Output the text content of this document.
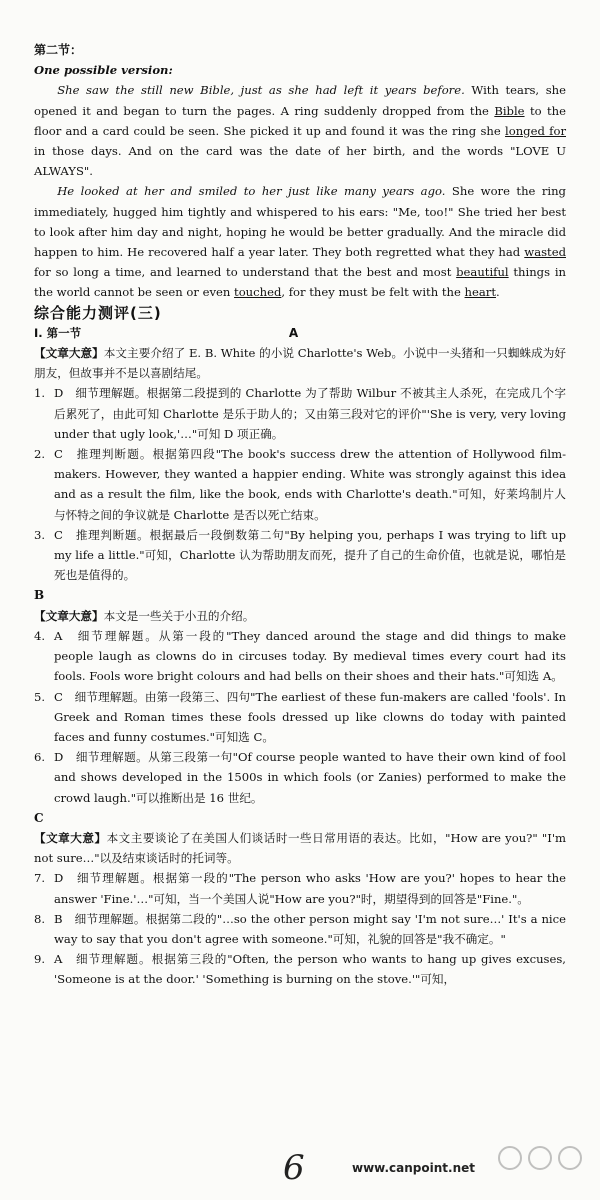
第二节：

One possible version:

She saw the still new Bible, just as she had left it years before. With tears, she opened it and began to turn the pages. A ring suddenly dropped from the Bible to the floor and a card could be seen. She picked it up and found it was the ring she longed for in those days. And on the card was the date of her birth, and the words "LOVE U ALWAYS".

He looked at her and smiled to her just like many years ago. She wore the ring immediately, hugged him tightly and whispered to his ears: "Me, too!" She tried her best to look after him day and night, hoping he would be better gradually. And the miracle did happen to him. He recovered half a year later. They both regretted what they had wasted for so long a time, and learned to understand that the best and most beautiful things in the world cannot be seen or even touched, for they must be felt with the heart.

综合能力测评(三)

Ⅰ. 第一节	A

【文章大意】本文主要介绍了 E. B. White 的小说 Charlotte's Web。小说中一头猪和一只蜘蛛成为好朋友，但故事并不是以喜剧结尾。

1. D　细节理解题。根据第二段提到的 Charlotte 为了帮助 Wilbur 不被其主人杀死，在完成几个字后累死了，由此可知 Charlotte 是乐于助人的；又由第三段对它的评价"'She is very, very loving under that ugly look,'…"可知 D 项正确。

2. C　推理判断题。根据第四段"The book's success drew the attention of Hollywood film-makers. However, they wanted a happier ending. White was strongly against this idea and as a result the film, like the book, ends with Charlotte's death."可知，好莱坞制片人与怀特之间的争议就是 Charlotte 是否以死亡结束。

3. C　推理判断题。根据最后一段倒数第二句"By helping you, perhaps I was trying to lift up my life a little."可知，Charlotte 认为帮助朋友而死，提升了自己的生命价值，也就是说，哪怕是死也是值得的。

B

【文章大意】本文是一些关于小丑的介绍。

4. A　细节理解题。从第一段的"They danced around the stage and did things to make people laugh as clowns do in circuses today. By medieval times every court had its fools. Fools wore bright colours and had bells on their shoes and their hats."可知选 A。

5. C　细节理解题。由第一段第三、四句"The earliest of these fun-makers are called 'fools'. In Greek and Roman times these fools dressed up like clowns do today with painted faces and funny costumes."可知选 C。

6. D　细节理解题。从第三段第一句"Of course people wanted to have their own kind of fool and shows developed in the 1500s in which fools (or Zanies) performed to make the crowd laugh."可以推断出是 16 世纪。

C

【文章大意】本文主要谈论了在美国人们谈话时一些日常用语的表达。比如，"How are you?" "I'm not sure…"以及结束谈话时的托词等。

7. D　细节理解题。根据第一段的"The person who asks 'How are you?' hopes to hear the answer 'Fine.'…"可知，当一个美国人说"How are you?"时，期望得到的回答是"Fine."。

8. B　细节理解题。根据第二段的"…so the other person might say 'I'm not sure…' It's a nice way to say that you don't agree with someone."可知，礼貌的回答是"我不确定。"

9. A　细节理解题。根据第三段的"Often, the person who wants to hang up gives excuses, 'Someone is at the door.' 'Something is burning on the stove.'"可知，

6	www.canpoint.net
